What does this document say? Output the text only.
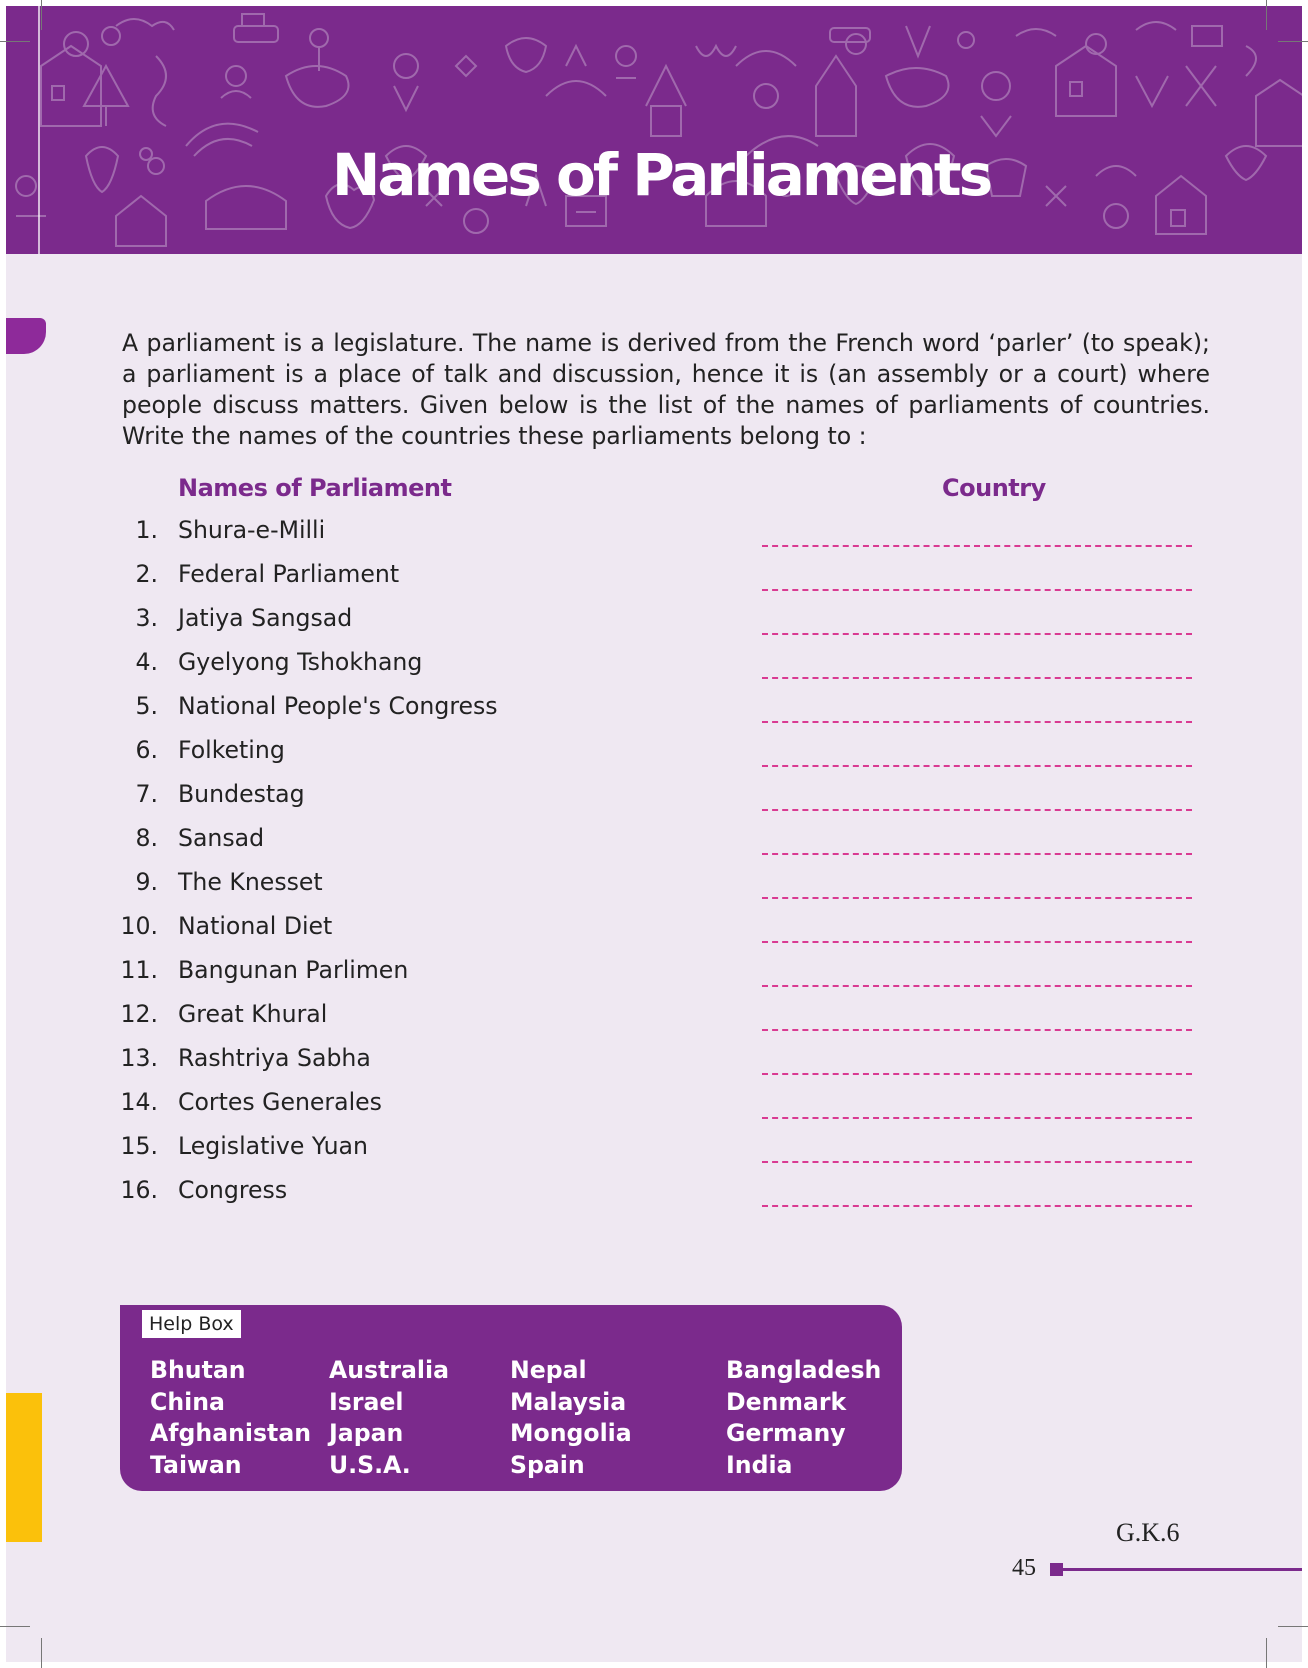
Names of Parliaments

A parliament is a legislature. The name is derived from the French word ‘parler’ (to speak); a parliament is a place of talk and discussion, hence it is (an assembly or a court) where people discuss matters. Given below is the list of the names of parliaments of countries. Write the names of the countries these parliaments belong to :

Names of Parliament	Country
1. Shura-e-Milli
2. Federal Parliament
3. Jatiya Sangsad
4. Gyelyong Tshokhang
5. National People's Congress
6. Folketing
7. Bundestag
8. Sansad
9. The Knesset
10. National Diet
11. Bangunan Parlimen
12. Great Khural
13. Rashtriya Sabha
14. Cortes Generales
15. Legislative Yuan
16. Congress
Help Box
Bhutan
China
Afghanistan
Taiwan
Australia
Israel
Japan
U.S.A.
Nepal
Malaysia
Mongolia
Spain
Bangladesh
Denmark
Germany
India
G.K.6
45
